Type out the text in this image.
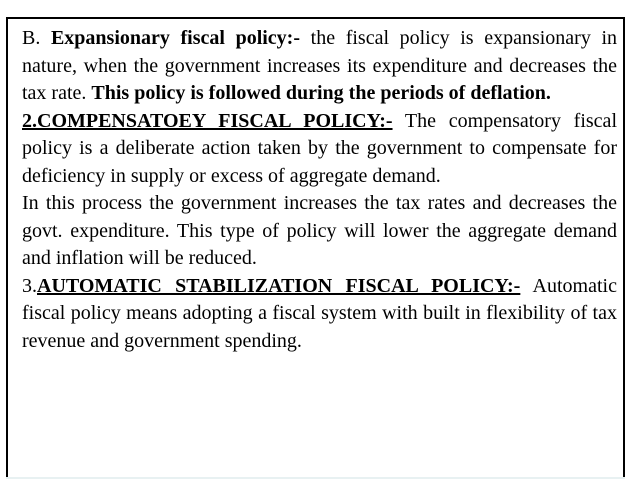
B. Expansionary fiscal policy:- the fiscal policy is expansionary in nature, when the government increases its expenditure and decreases the tax rate. This policy is followed during the periods of deflation.

2.COMPENSATOEY FISCAL POLICY:- The compensatory fiscal policy is a deliberate action taken by the government to compensate for deficiency in supply or excess of aggregate demand.

In this process the government increases the tax rates and decreases the govt. expenditure. This type of policy will lower the aggregate demand and inflation will be reduced.

3.AUTOMATIC STABILIZATION FISCAL POLICY:- Automatic fiscal policy means adopting a fiscal system with built in flexibility of tax revenue and government spending.
